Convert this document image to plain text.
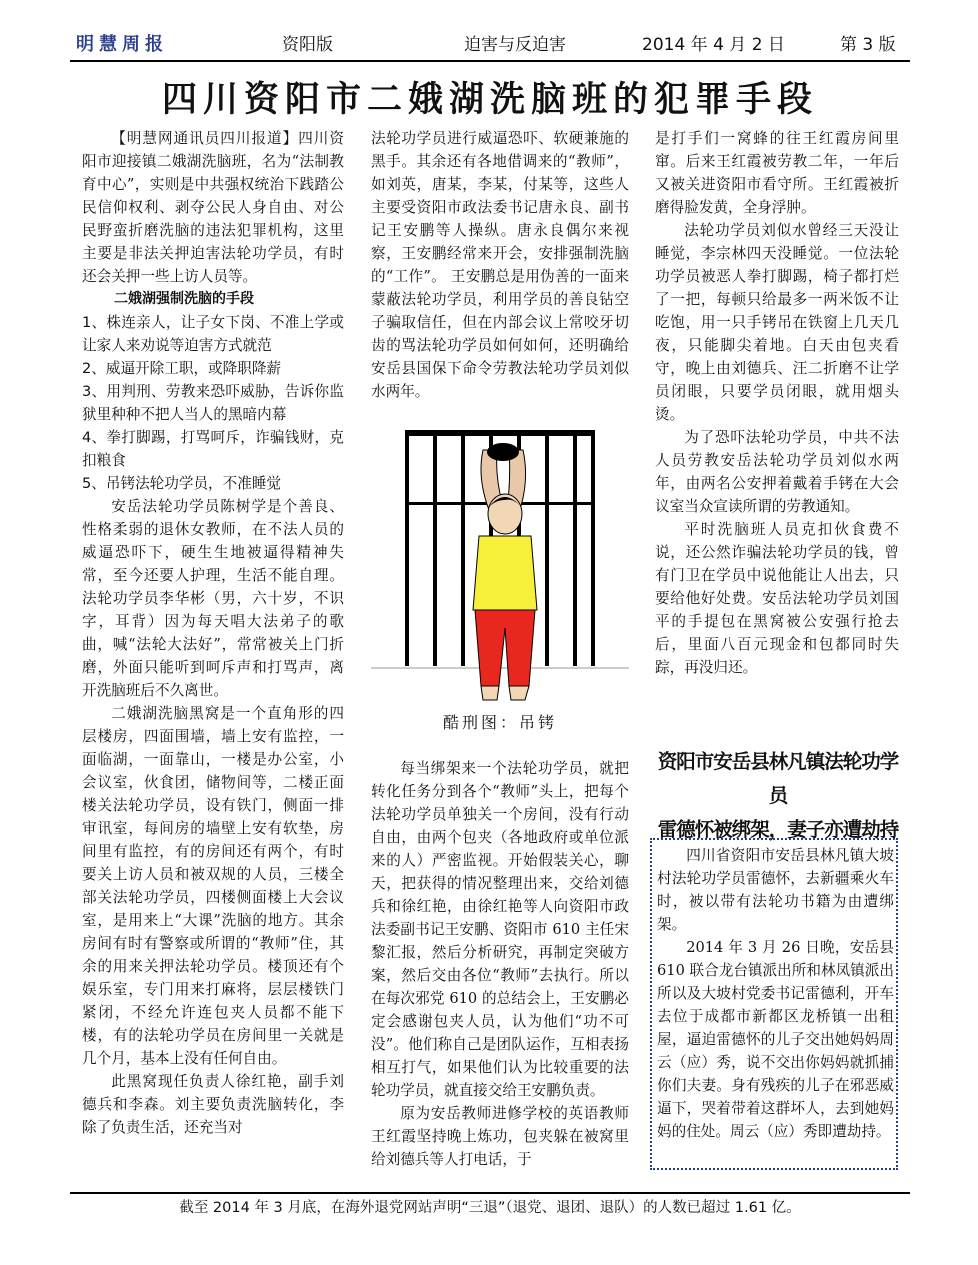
明慧周报	资阳版	迫害与反迫害	2014 年 4 月 2 日	第 3 版
四川资阳市二娥湖洗脑班的犯罪手段

【明慧网通讯员四川报道】四川资阳市迎接镇二娥湖洗脑班，名为“法制教育中心”，实则是中共强权统治下践踏公民信仰权利、剥夺公民人身自由、对公民野蛮折磨洗脑的违法犯罪机构，这里主要是非法关押迫害法轮功学员，有时还会关押一些上访人员等。

二娥湖强制洗脑的手段

1、株连亲人，让子女下岗、不准上学或让家人来劝说等迫害方式就范

2、威逼开除工职，或降职降薪

3、用判刑、劳教来恐吓威胁，告诉你监狱里种种不把人当人的黑暗内幕

4、拳打脚踢，打骂呵斥，诈骗钱财，克扣粮食

5、吊铐法轮功学员，不准睡觉

安岳法轮功学员陈树学是个善良、性格柔弱的退休女教师，在不法人员的威逼恐吓下，硬生生地被逼得精神失常，至今还要人护理，生活不能自理。法轮功学员李华彬（男，六十岁，不识字，耳背）因为每天唱大法弟子的歌曲，喊“法轮大法好”，常常被关上门折磨，外面只能听到呵斥声和打骂声，离开洗脑班后不久离世。

二娥湖洗脑黑窝是一个直角形的四层楼房，四面围墙，墙上安有监控，一面临湖，一面靠山，一楼是办公室，小会议室，伙食团，储物间等，二楼正面楼关法轮功学员，设有铁门，侧面一排审讯室，每间房的墙壁上安有软垫，房间里有监控，有的房间还有两个，有时要关上访人员和被双规的人员，三楼全部关法轮功学员，四楼侧面楼上大会议室，是用来上“大课”洗脑的地方。其余房间有时有警察或所谓的“教师”住，其余的用来关押法轮功学员。楼顶还有个娱乐室，专门用来打麻将，层层楼铁门紧闭，不经允许连包夹人员都不能下楼，有的法轮功学员在房间里一关就是几个月，基本上没有任何自由。

此黑窝现任负责人徐红艳，副手刘德兵和李森。刘主要负责洗脑转化，李除了负责生活，还充当对

法轮功学员进行威逼恐吓、软硬兼施的黑手。其余还有各地借调来的“教师”，如刘英，唐某，李某，付某等，这些人主要受资阳市政法委书记唐永良、副书记王安鹏等人操纵。唐永良偶尔来视察，王安鹏经常来开会，安排强制洗脑的“工作”。 王安鹏总是用伪善的一面来蒙蔽法轮功学员，利用学员的善良钻空子骗取信任，但在内部会议上常咬牙切齿的骂法轮功学员如何如何，还明确给安岳县国保下命令劳教法轮功学员刘似水两年。

酷刑图：吊铐

每当绑架来一个法轮功学员，就把转化任务分到各个“教师”头上，把每个法轮功学员单独关一个房间，没有行动自由，由两个包夹（各地政府或单位派来的人）严密监视。开始假装关心，聊天，把获得的情况整理出来，交给刘德兵和徐红艳，由徐红艳等人向资阳市政法委副书记王安鹏、资阳市 610 主任宋黎汇报，然后分析研究，再制定突破方案，然后交由各位“教师”去执行。所以在每次邪党 610 的总结会上，王安鹏必定会感谢包夹人员，认为他们“功不可没”。他们称自己是团队运作，互相表扬相互打气，如果他们认为比较重要的法轮功学员，就直接交给王安鹏负责。

原为安岳教师进修学校的英语教师王红霞坚持晚上炼功，包夹躲在被窝里给刘德兵等人打电话，于

是打手们一窝蜂的往王红霞房间里窜。后来王红霞被劳教二年，一年后又被关进资阳市看守所。王红霞被折磨得脸发黄，全身浮肿。

法轮功学员刘似水曾经三天没让睡觉，李宗林四天没睡觉。一位法轮功学员被恶人拳打脚踢，椅子都打烂了一把，每顿只给最多一两米饭不让吃饱，用一只手铐吊在铁窗上几天几夜，只能脚尖着地。白天由包夹看守，晚上由刘德兵、汪二折磨不让学员闭眼，只要学员闭眼，就用烟头烫。

为了恐吓法轮功学员，中共不法人员劳教安岳法轮功学员刘似水两年，由两名公安押着戴着手铐在大会议室当众宣读所谓的劳教通知。

平时洗脑班人员克扣伙食费不说，还公然诈骗法轮功学员的钱，曾有门卫在学员中说他能让人出去，只要给他好处费。安岳法轮功学员刘国平的手提包在黑窝被公安强行抢去后，里面八百元现金和包都同时失踪，再没归还。

资阳市安岳县林凡镇法轮功学员
雷德怀被绑架，妻子亦遭劫持

四川省资阳市安岳县林凡镇大坡村法轮功学员雷德怀，去新疆乘火车时，被以带有法轮功书籍为由遭绑架。

2014 年 3 月 26 日晚，安岳县 610 联合龙台镇派出所和林凤镇派出所以及大坡村党委书记雷德利，开车去位于成都市新都区龙桥镇一出租屋，逼迫雷德怀的儿子交出她妈妈周云（应）秀，说不交出你妈妈就抓捕你们夫妻。身有残疾的儿子在邪恶威逼下，哭着带着这群坏人，去到她妈妈的住处。周云（应）秀即遭劫持。

截至 2014 年 3 月底，在海外退党网站声明“三退”（退党、退团、退队）的人数已超过 1.61 亿。
